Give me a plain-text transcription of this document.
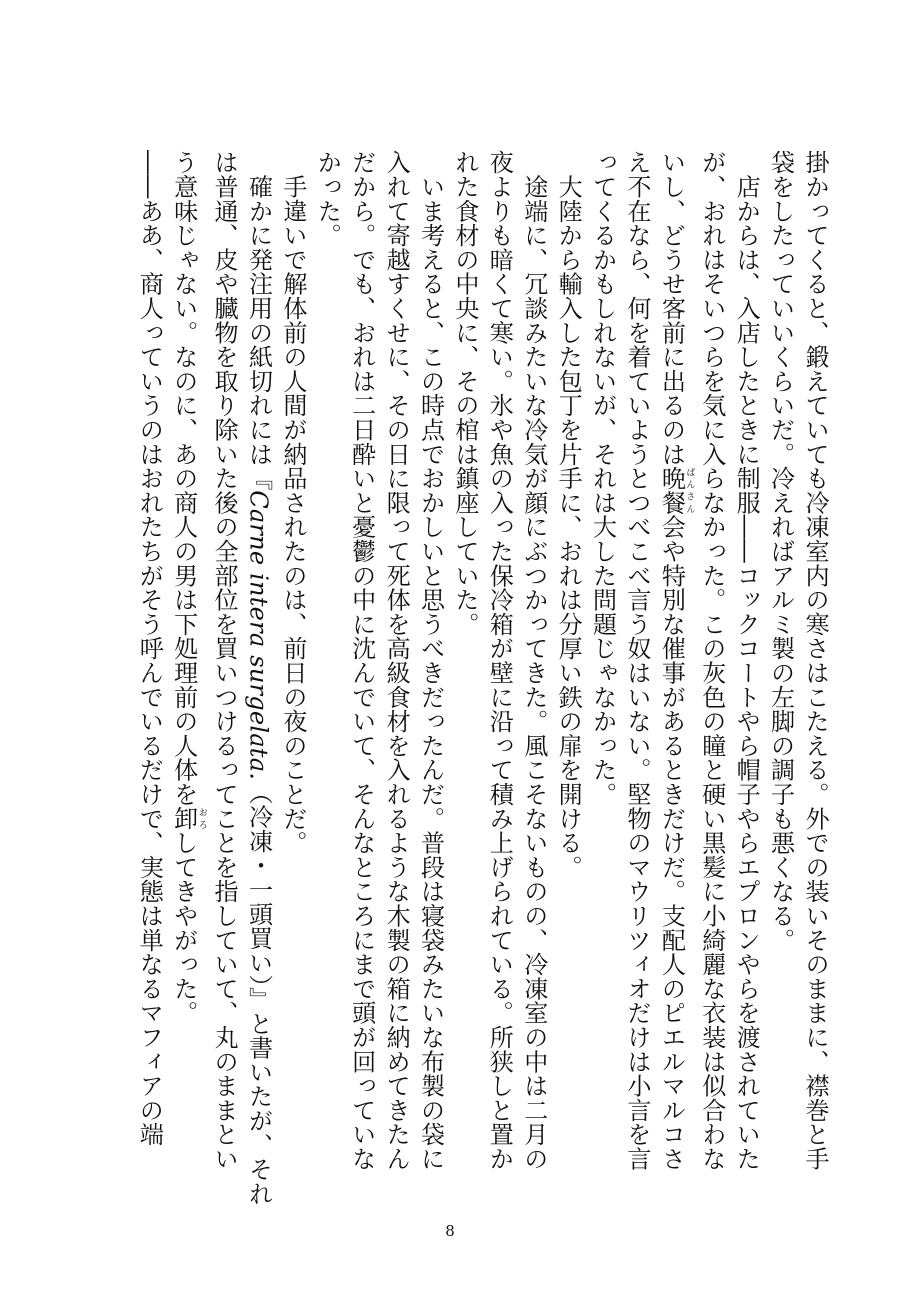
掛かってくると、鍛えていても冷凍室内の寒さはこたえる。外での装いそのままに、襟巻と手
袋をしたっていいくらいだ。冷えればアルミ製の左脚の調子も悪くなる。
　店からは、入店したときに制服――コックコートやら帽子やらエプロンやらを渡されていた
が、おれはそいつらを気に入らなかった。この灰色の瞳と硬い黒髪に小綺麗な衣装は似合わな
いし、どうせ客前に出るのは晩餐 ばんさん会や特別な催事があるときだけだ。支配人のピエルマルコさ
え不在なら、何を着ていようとつべこべ言う奴はいない。堅物のマウリツィオだけは小言を言
ってくるかもしれないが、それは大した問題じゃなかった。
　大陸から輸入した包丁を片手に、おれは分厚い鉄の扉を開ける。
　途端に、冗談みたいな冷気が顔にぶつかってきた。風こそないものの、冷凍室の中は二月の
夜よりも暗くて寒い。氷や魚の入った保冷箱が壁に沿って積み上げられている。所狭しと置か
れた食材の中央に、その棺は鎮座していた。
　いま考えると、この時点でおかしいと思うべきだったんだ。普段は寝袋みたいな布製の袋に
入れて寄越すくせに、その日に限って死体を高級食材を入れるような木製の箱に納めてきたん
だから。でも、おれは二日酔いと憂鬱の中に沈んでいて、そんなところにまで頭が回っていな
かった。
　手違いで解体前の人間が納品されたのは、前日の夜のことだ。
　確かに発注用の紙切れには『Carne intera surgelata.（冷凍・一頭買い）』と書いたが、それ
は普通、皮や臓物を取り除いた後の全部位を買いつけるってことを指していて、丸のままとい
う意味じゃない。なのに、あの商人の男は下処理前の人体を卸 おろしてきやがった。
――ああ、商人っていうのはおれたちがそう呼んでいるだけで、実態は単なるマフィアの端
8
